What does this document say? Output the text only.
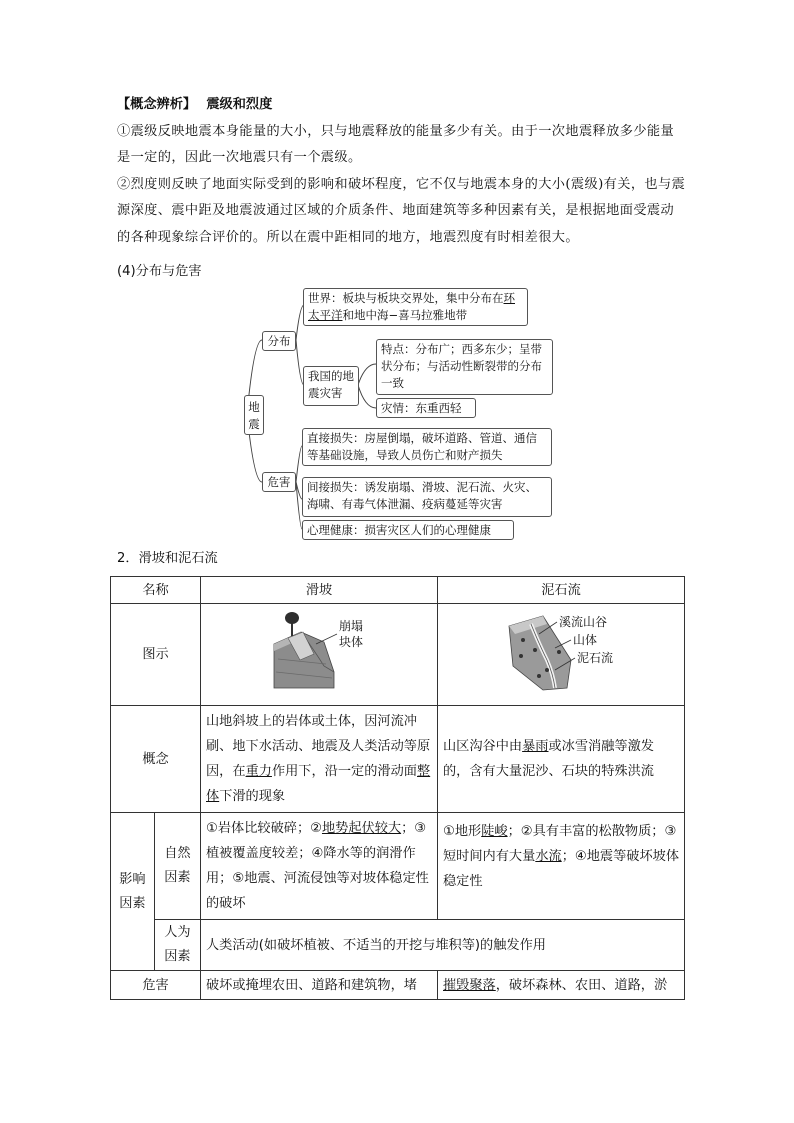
【概念辨析】 震级和烈度
①震级反映地震本身能量的大小，只与地震释放的能量多少有关。由于一次地震释放多少能量是一定的，因此一次地震只有一个震级。
②烈度则反映了地面实际受到的影响和破坏程度，它不仅与地震本身的大小(震级)有关，也与震源深度、震中距及地震波通过区域的介质条件、地面建筑等多种因素有关，是根据地面受震动的各种现象综合评价的。所以在震中距相同的地方，地震烈度有时相差很大。
(4)分布与危害
地震
分布
危害
世界：板块与板块交界处，集中分布在环太平洋和地中海−喜马拉雅地带
我国的地震灾害
特点：分布广；西多东少；呈带状分布；与活动性断裂带的分布一致
灾情：东重西轻
直接损失：房屋倒塌，破坏道路、管道、通信等基础设施，导致人员伤亡和财产损失
间接损失：诱发崩塌、滑坡、泥石流、火灾、海啸、有毒气体泄漏、疫病蔓延等灾害
心理健康：损害灾区人们的心理健康
2．滑坡和泥石流
名称		滑坡	泥石流
图示		崩塌
块体	溪流山谷
山体
泥石流

概念		山地斜坡上的岩体或土体，因河流冲刷、地下水活动、地震及人类活动等原因，在重力作用下，沿一定的滑动面整体下滑的现象	山区沟谷中由暴雨或冰雪消融等激发的，含有大量泥沙、石块的特殊洪流
影响因素	自然因素	①岩体比较破碎；②地势起伏较大；③植被覆盖度较差；④降水等的润滑作用；⑤地震、河流侵蚀等对坡体稳定性的破坏	①地形陡峻；②具有丰富的松散物质；③短时间内有大量水流；④地震等破坏坡体稳定性
	人为因素	人类活动(如破坏植被、不适当的开挖与堆积等)的触发作用	
危害		破坏或掩埋农田、道路和建筑物，堵	摧毁聚落，破坏森林、农田、道路，淤
